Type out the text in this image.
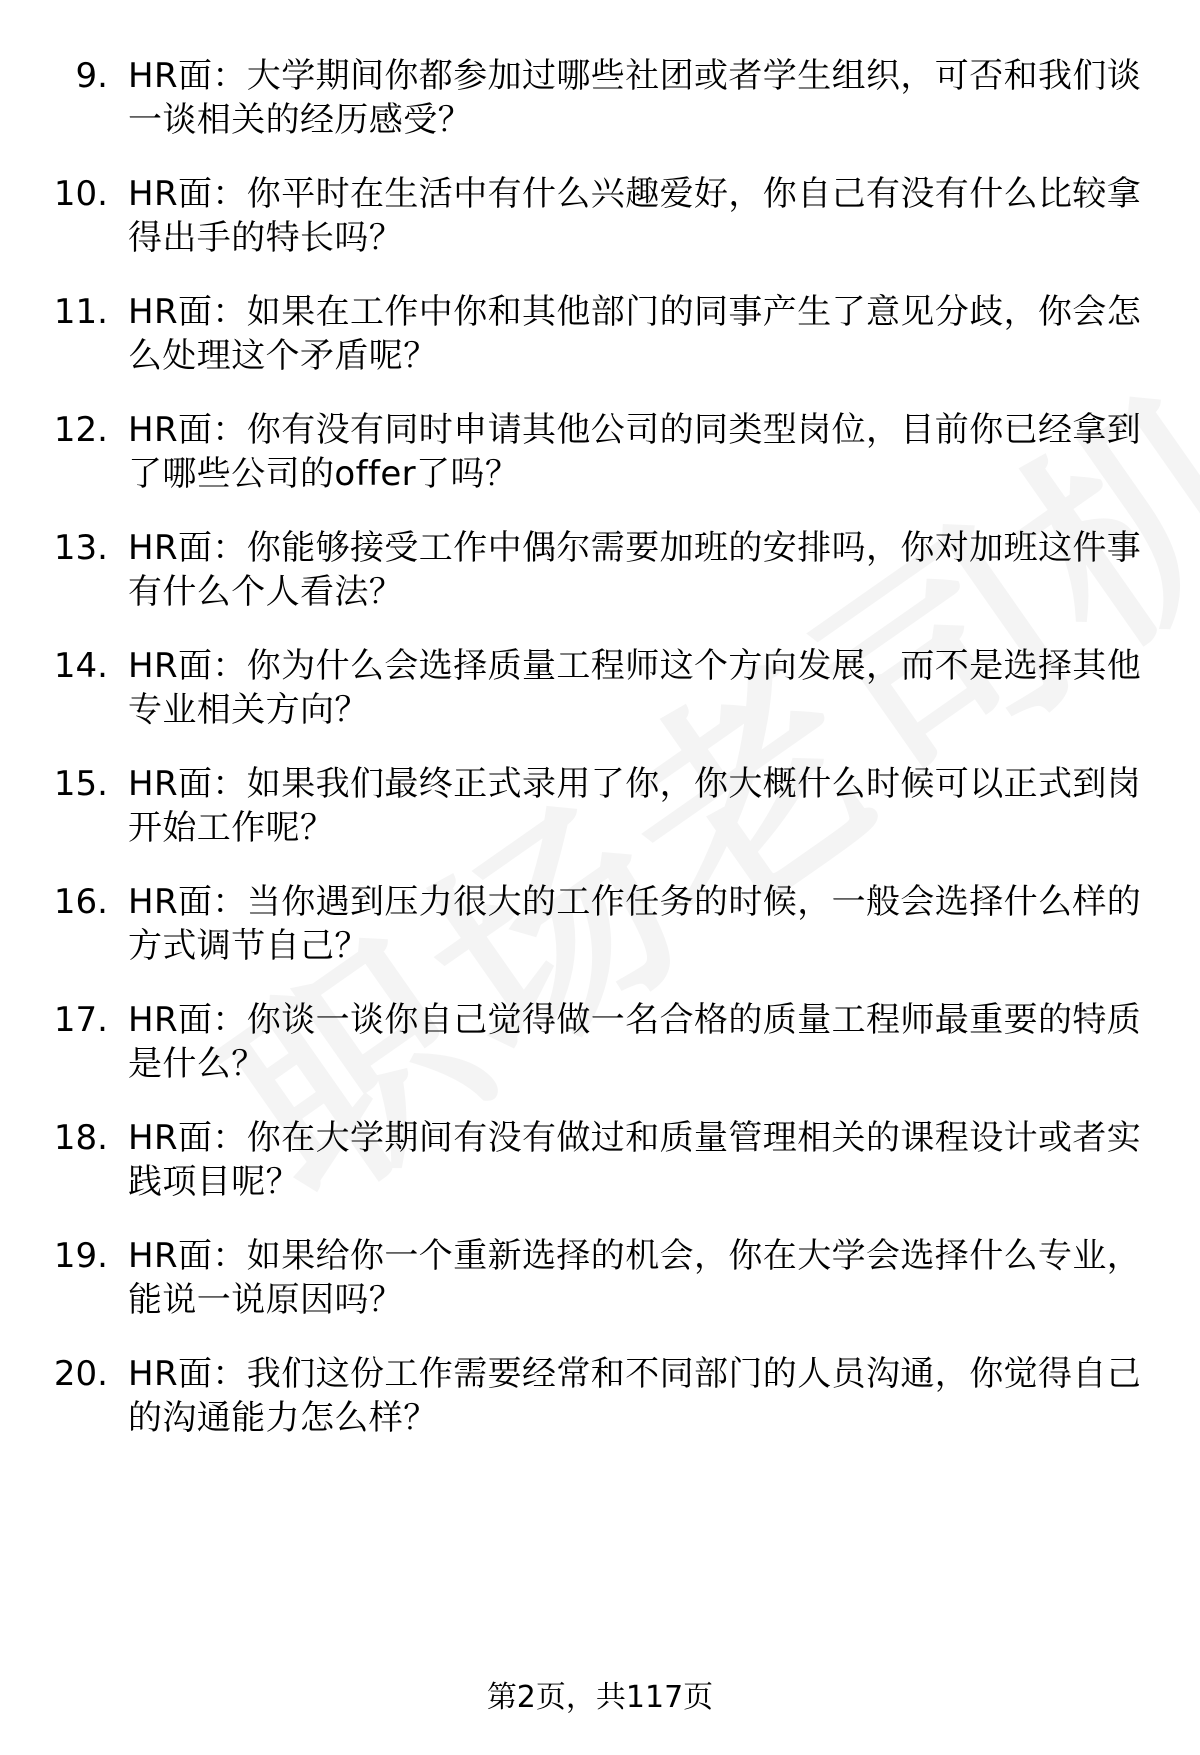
9. HR面：大学期间你都参加过哪些社团或者学生组织，可否和我们谈一谈相关的经历感受？
10. HR面：你平时在生活中有什么兴趣爱好，你自己有没有什么比较拿得出手的特长吗？
11. HR面：如果在工作中你和其他部门的同事产生了意见分歧，你会怎么处理这个矛盾呢？
12. HR面：你有没有同时申请其他公司的同类型岗位，目前你已经拿到了哪些公司的offer了吗？
13. HR面：你能够接受工作中偶尔需要加班的安排吗，你对加班这件事有什么个人看法？
14. HR面：你为什么会选择质量工程师这个方向发展，而不是选择其他专业相关方向？
15. HR面：如果我们最终正式录用了你，你大概什么时候可以正式到岗开始工作呢？
16. HR面：当你遇到压力很大的工作任务的时候，一般会选择什么样的方式调节自己？
17. HR面：你谈一谈你自己觉得做一名合格的质量工程师最重要的特质是什么？
18. HR面：你在大学期间有没有做过和质量管理相关的课程设计或者实践项目呢？
19. HR面：如果给你一个重新选择的机会，你在大学会选择什么专业，能说一说原因吗？
20. HR面：我们这份工作需要经常和不同部门的人员沟通，你觉得自己的沟通能力怎么样？
第2页，共117页
